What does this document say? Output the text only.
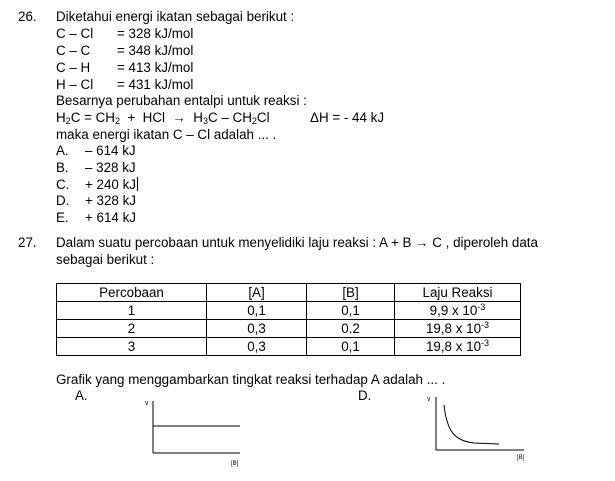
26. Diketahui energi ikatan sebagai berikut :
C – Cl = 328 kJ/mol
C – C = 348 kJ/mol
C – H = 413 kJ/mol
H – Cl = 431 kJ/mol
Besarnya perubahan entalpi untuk reaksi :
$H_2C = CH_2$  +  HCl  →  $H_3C - CH_2Cl$	ΔH = - 44 kJ
maka energi ikatan C – Cl adalah ... .
A. – 614 kJ
B. – 328 kJ
C. + 240 kJ
D. + 328 kJ
E. + 614 kJ
27. Dalam suatu percobaan untuk menyelidiki laju reaksi : A + B → C , diperoleh data
sebagai berikut :
Percobaan	[A]	[B]	Laju Reaksi
1	0,1	0,1	9,9 x $10^{-3}$
2	0,3	0.2	19,8 x $10^{-3}$
3	0,3	0,1	19,8 x $10^{-3}$
Grafik yang menggambarkan tingkat reaksi terhadap A adalah ... .
A.	D.
v
[B]
v
[B]
